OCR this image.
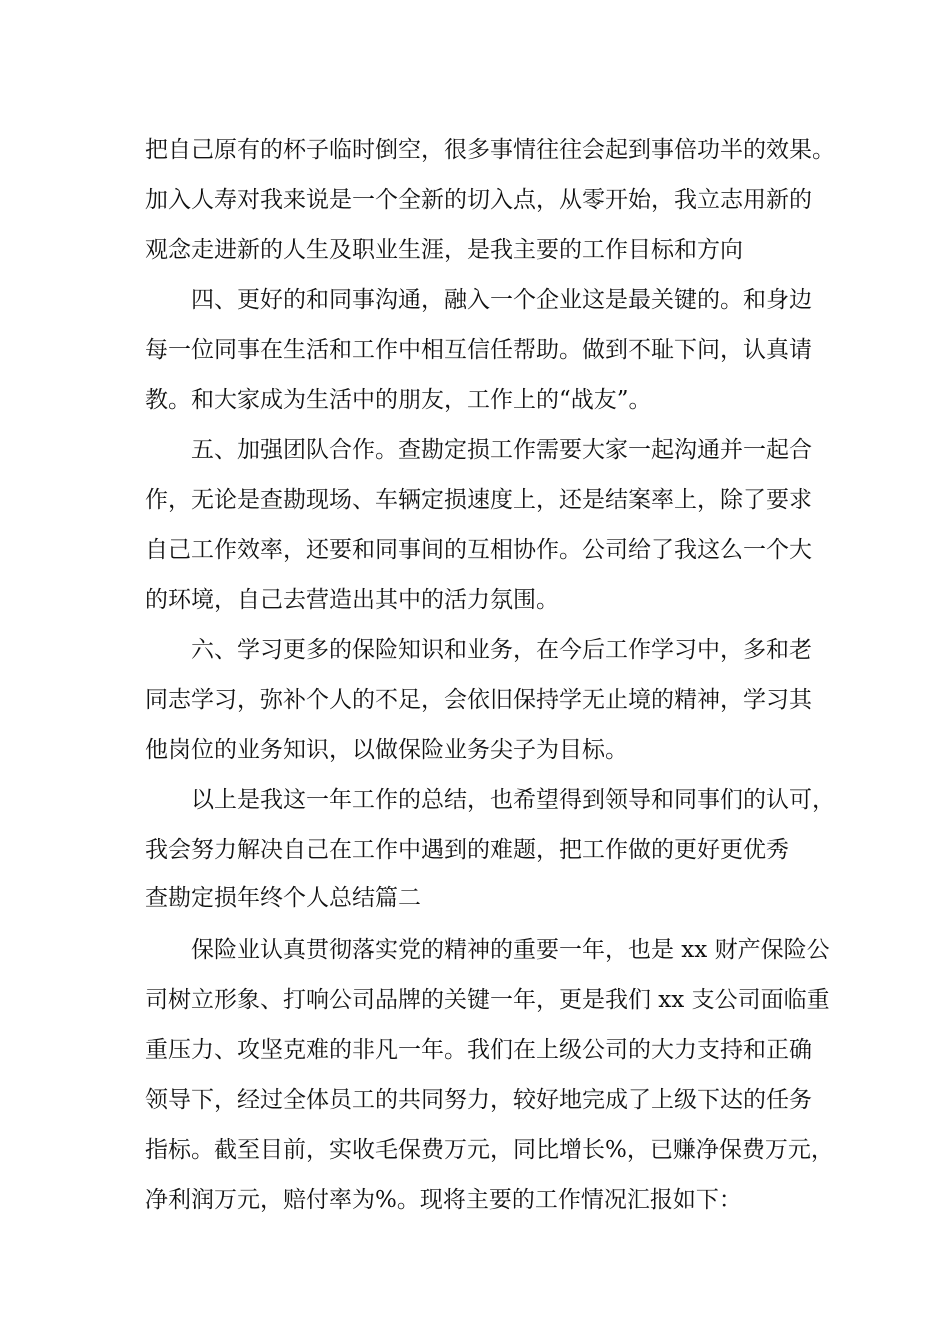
把自己原有的杯子临时倒空，很多事情往往会起到事倍功半的效果。
加入人寿对我来说是一个全新的切入点，从零开始，我立志用新的
观念走进新的人生及职业生涯，是我主要的工作目标和方向
四、更好的和同事沟通，融入一个企业这是最关键的。和身边
每一位同事在生活和工作中相互信任帮助。做到不耻下问，认真请
教。和大家成为生活中的朋友，工作上的“战友”。
五、加强团队合作。查勘定损工作需要大家一起沟通并一起合
作，无论是查勘现场、车辆定损速度上，还是结案率上，除了要求
自己工作效率，还要和同事间的互相协作。公司给了我这么一个大
的环境，自己去营造出其中的活力氛围。
六、学习更多的保险知识和业务，在今后工作学习中，多和老
同志学习，弥补个人的不足，会依旧保持学无止境的精神，学习其
他岗位的业务知识，以做保险业务尖子为目标。
以上是我这一年工作的总结，也希望得到领导和同事们的认可，
我会努力解决自己在工作中遇到的难题，把工作做的更好更优秀
查勘定损年终个人总结篇二
保险业认真贯彻落实党的精神的重要一年，也是 xx 财产保险公
司树立形象、打响公司品牌的关键一年，更是我们 xx 支公司面临重
重压力、攻坚克难的非凡一年。我们在上级公司的大力支持和正确
领导下，经过全体员工的共同努力，较好地完成了上级下达的任务
指标。截至目前，实收毛保费万元，同比增长%，已赚净保费万元，
净利润万元，赔付率为%。现将主要的工作情况汇报如下：
